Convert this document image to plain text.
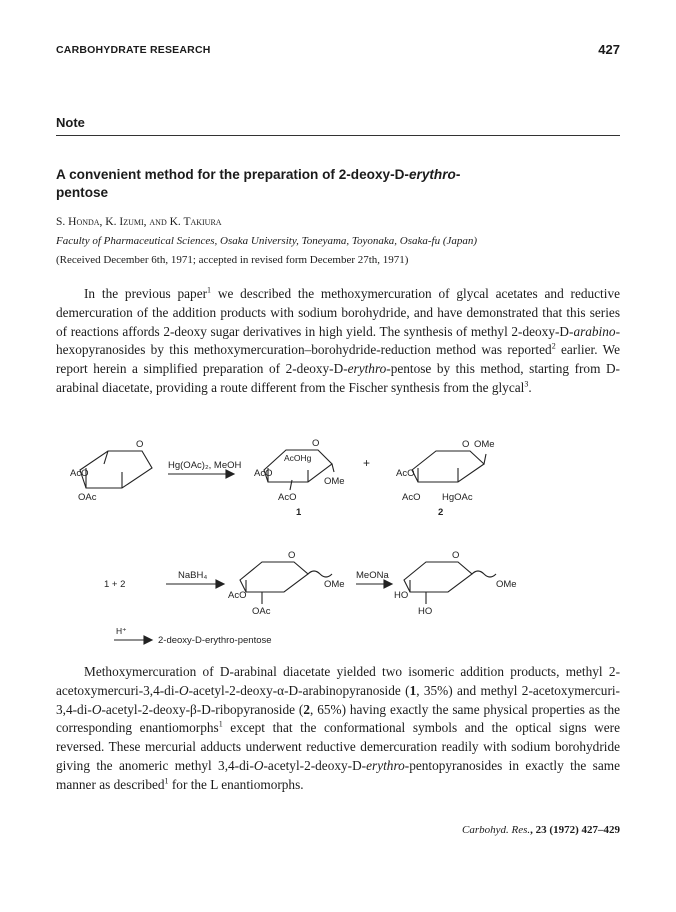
CARBOHYDRATE RESEARCH	427
Note
A convenient method for the preparation of 2-deoxy-D-erythro-
pentose
S. Honda, K. Izumi, and K. Takiura
Faculty of Pharmaceutical Sciences, Osaka University, Toneyama, Toyonaka, Osaka-fu (Japan)
(Received December 6th, 1971; accepted in revised form December 27th, 1971)
In the previous paper$^1$ we described the methoxymercuration of glycal acetates and reductive demercuration of the addition products with sodium borohydride, and have demonstrated that this series of reactions affords 2-deoxy sugar derivatives in high yield. The synthesis of methyl 2-deoxy-D-arabino-hexopyranosides by this methoxymercuration–borohydride-reduction method was reported$^2$ earlier. We report herein a simplified preparation of 2-deoxy-D-erythro-pentose by this method, starting from D-arabinal diacetate, providing a route different from the Fischer synthesis from the glycal$^3$.
O
AcO
OAc
Hg(OAc)₂, MeOH
O
AcOHg
AcO
OMe
AcO
1
+
O OMe
AcO
AcO HgOAc
2
1 + 2
NaBH₄
O
AcO
OAc
OMe
MeONa
O
HO
HO
OMe
H⁺
2-deoxy-D-erythro-pentose
Methoxymercuration of D-arabinal diacetate yielded two isomeric addition products, methyl 2-acetoxymercuri-3,4-di-O-acetyl-2-deoxy-α-D-arabinopyranoside (1, 35%) and methyl 2-acetoxymercuri-3,4-di-O-acetyl-2-deoxy-β-D-ribopyranoside (2, 65%) having exactly the same physical properties as the corresponding enantiomorphs$^1$ except that the conformational symbols and the optical signs were reversed. These mercurial adducts underwent reductive demercuration readily with sodium borohydride giving the anomeric methyl 3,4-di-O-acetyl-2-deoxy-D-erythro-pentopyranosides in exactly the same manner as described$^1$ for the L enantiomorphs.
Carbohyd. Res., 23 (1972) 427–429
